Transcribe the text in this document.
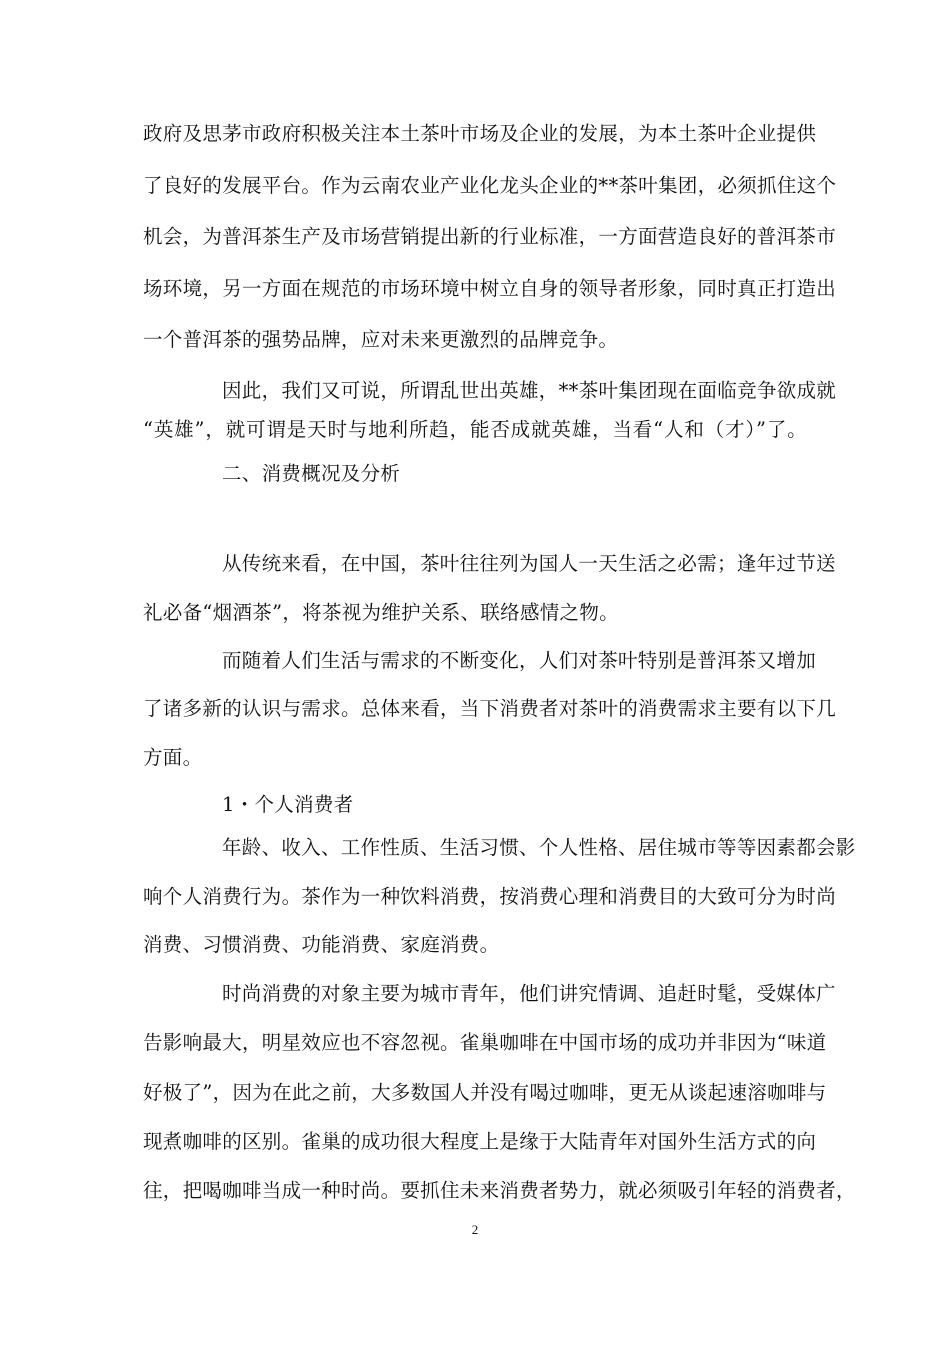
政府及思茅市政府积极关注本土茶叶市场及企业的发展，为本土茶叶企业提供
了良好的发展平台。作为云南农业产业化龙头企业的**茶叶集团，必须抓住这个
机会，为普洱茶生产及市场营销提出新的行业标准，一方面营造良好的普洱茶市
场环境，另一方面在规范的市场环境中树立自身的领导者形象，同时真正打造出
一个普洱茶的强势品牌，应对未来更激烈的品牌竞争。
因此，我们又可说，所谓乱世出英雄，**茶叶集团现在面临竞争欲成就
“英雄”，就可谓是天时与地利所趋，能否成就英雄，当看“人和（才）”了。
二、消费概况及分析
从传统来看，在中国，茶叶往往列为国人一天生活之必需；逢年过节送
礼必备“烟酒茶”，将茶视为维护关系、联络感情之物。
而随着人们生活与需求的不断变化，人们对茶叶特别是普洱茶又增加
了诸多新的认识与需求。总体来看，当下消费者对茶叶的消费需求主要有以下几
方面。
1・个人消费者
年龄、收入、工作性质、生活习惯、个人性格、居住城市等等因素都会影
响个人消费行为。茶作为一种饮料消费，按消费心理和消费目的大致可分为时尚
消费、习惯消费、功能消费、家庭消费。
时尚消费的对象主要为城市青年，他们讲究情调、追赶时髦，受媒体广
告影响最大，明星效应也不容忽视。雀巢咖啡在中国市场的成功并非因为“味道
好极了”，因为在此之前，大多数国人并没有喝过咖啡，更无从谈起速溶咖啡与
现煮咖啡的区别。雀巢的成功很大程度上是缘于大陆青年对国外生活方式的向
往，把喝咖啡当成一种时尚。要抓住未来消费者势力，就必须吸引年轻的消费者，
2
